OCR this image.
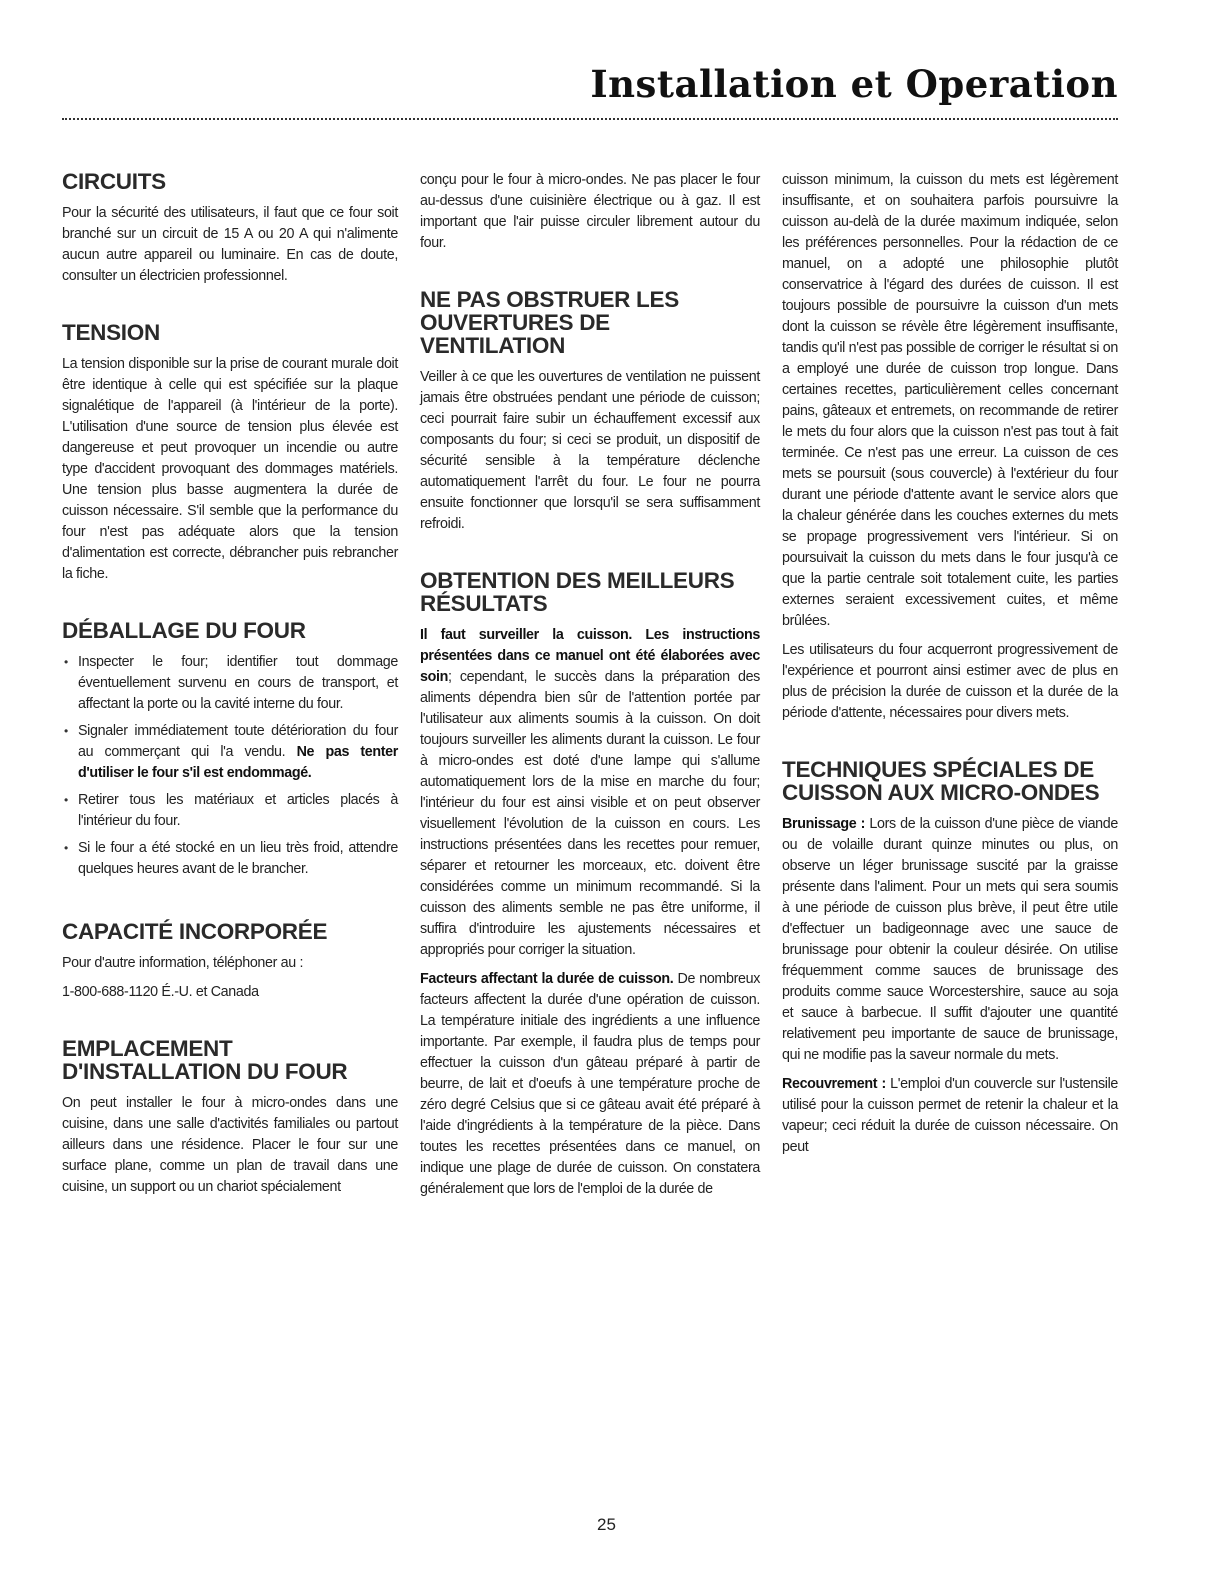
Installation et Operation
CIRCUITS

Pour la sécurité des utilisateurs, il faut que ce four soit branché sur un circuit de 15 A ou 20 A qui n'alimente aucun autre appareil ou luminaire. En cas de doute, consulter un électricien professionnel.

TENSION

La tension disponible sur la prise de courant murale doit être identique à celle qui est spécifiée sur la plaque signalétique de l'appareil (à l'intérieur de la porte). L'utilisation d'une source de tension plus élevée est dangereuse et peut provoquer un incendie ou autre type d'accident provoquant des dommages matériels. Une tension plus basse augmentera la durée de cuisson nécessaire. S'il semble que la performance du four n'est pas adéquate alors que la tension d'alimentation est correcte, débrancher puis rebrancher la fiche.

DÉBALLAGE DU FOUR
• Inspecter le four; identifier tout dommage éventuellement survenu en cours de transport, et affectant la porte ou la cavité interne du four.
• Signaler immédiatement toute détérioration du four au commerçant qui l'a vendu. Ne pas tenter d'utiliser le four s'il est endommagé.
• Retirer tous les matériaux et articles placés à l'intérieur du four.
• Si le four a été stocké en un lieu très froid, attendre quelques heures avant de le brancher.
CAPACITÉ INCORPORÉE

Pour d'autre information, téléphoner au :

1-800-688-1120 É.-U. et Canada

EMPLACEMENT D'INSTALLATION DU FOUR

On peut installer le four à micro-ondes dans une cuisine, dans une salle d'activités familiales ou partout ailleurs dans une résidence. Placer le four sur une surface plane, comme un plan de travail dans une cuisine, un support ou un chariot spécialement

conçu pour le four à micro-ondes. Ne pas placer le four au-dessus d'une cuisinière électrique ou à gaz. Il est important que l'air puisse circuler librement autour du four.

NE PAS OBSTRUER LES OUVERTURES DE VENTILATION

Veiller à ce que les ouvertures de ventilation ne puissent jamais être obstruées pendant une période de cuisson; ceci pourrait faire subir un échauffement excessif aux composants du four; si ceci se produit, un dispositif de sécurité sensible à la température déclenche automatiquement l'arrêt du four. Le four ne pourra ensuite fonctionner que lorsqu'il se sera suffisamment refroidi.

OBTENTION DES MEILLEURS RÉSULTATS

Il faut surveiller la cuisson. Les instructions présentées dans ce manuel ont été élaborées avec soin; cependant, le succès dans la préparation des aliments dépendra bien sûr de l'attention portée par l'utilisateur aux aliments soumis à la cuisson. On doit toujours surveiller les aliments durant la cuisson. Le four à micro-ondes est doté d'une lampe qui s'allume automatiquement lors de la mise en marche du four; l'intérieur du four est ainsi visible et on peut observer visuellement l'évolution de la cuisson en cours. Les instructions présentées dans les recettes pour remuer, séparer et retourner les morceaux, etc. doivent être considérées comme un minimum recommandé. Si la cuisson des aliments semble ne pas être uniforme, il suffira d'introduire les ajustements nécessaires et appropriés pour corriger la situation.

Facteurs affectant la durée de cuisson. De nombreux facteurs affectent la durée d'une opération de cuisson. La température initiale des ingrédients a une influence importante. Par exemple, il faudra plus de temps pour effectuer la cuisson d'un gâteau préparé à partir de beurre, de lait et d'oeufs à une température proche de zéro degré Celsius que si ce gâteau avait été préparé à l'aide d'ingrédients à la température de la pièce. Dans toutes les recettes présentées dans ce manuel, on indique une plage de durée de cuisson. On constatera généralement que lors de l'emploi de la durée de

cuisson minimum, la cuisson du mets est légèrement insuffisante, et on souhaitera parfois poursuivre la cuisson au-delà de la durée maximum indiquée, selon les préférences personnelles. Pour la rédaction de ce manuel, on a adopté une philosophie plutôt conservatrice à l'égard des durées de cuisson. Il est toujours possible de poursuivre la cuisson d'un mets dont la cuisson se révèle être légèrement insuffisante, tandis qu'il n'est pas possible de corriger le résultat si on a employé une durée de cuisson trop longue. Dans certaines recettes, particulièrement celles concernant pains, gâteaux et entremets, on recommande de retirer le mets du four alors que la cuisson n'est pas tout à fait terminée. Ce n'est pas une erreur. La cuisson de ces mets se poursuit (sous couvercle) à l'extérieur du four durant une période d'attente avant le service alors que la chaleur générée dans les couches externes du mets se propage progressivement vers l'intérieur. Si on poursuivait la cuisson du mets dans le four jusqu'à ce que la partie centrale soit totalement cuite, les parties externes seraient excessivement cuites, et même brûlées.

Les utilisateurs du four acquerront progressivement de l'expérience et pourront ainsi estimer avec de plus en plus de précision la durée de cuisson et la durée de la période d'attente, nécessaires pour divers mets.

TECHNIQUES SPÉCIALES DE CUISSON AUX MICRO-ONDES

Brunissage : Lors de la cuisson d'une pièce de viande ou de volaille durant quinze minutes ou plus, on observe un léger brunissage suscité par la graisse présente dans l'aliment. Pour un mets qui sera soumis à une période de cuisson plus brève, il peut être utile d'effectuer un badigeonnage avec une sauce de brunissage pour obtenir la couleur désirée. On utilise fréquemment comme sauces de brunissage des produits comme sauce Worcestershire, sauce au soja et sauce à barbecue. Il suffit d'ajouter une quantité relativement peu importante de sauce de brunissage, qui ne modifie pas la saveur normale du mets.

Recouvrement : L'emploi d'un couvercle sur l'ustensile utilisé pour la cuisson permet de retenir la chaleur et la vapeur; ceci réduit la durée de cuisson nécessaire. On peut

25
